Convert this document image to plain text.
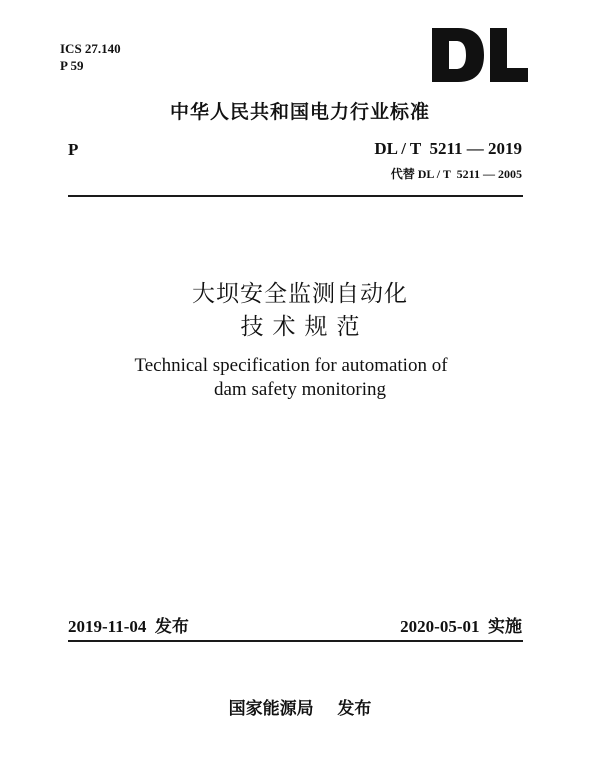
ICS 27.140
P 59
中华人民共和国电力行业标准
P	DL / T  5211 — 2019
代替 DL / T  5211 — 2005
大坝安全监测自动化
技术规范
Technical specification for automation of
dam safety monitoring
2019-11-04  发布	2020-05-01  实施
国家能源局    发布
